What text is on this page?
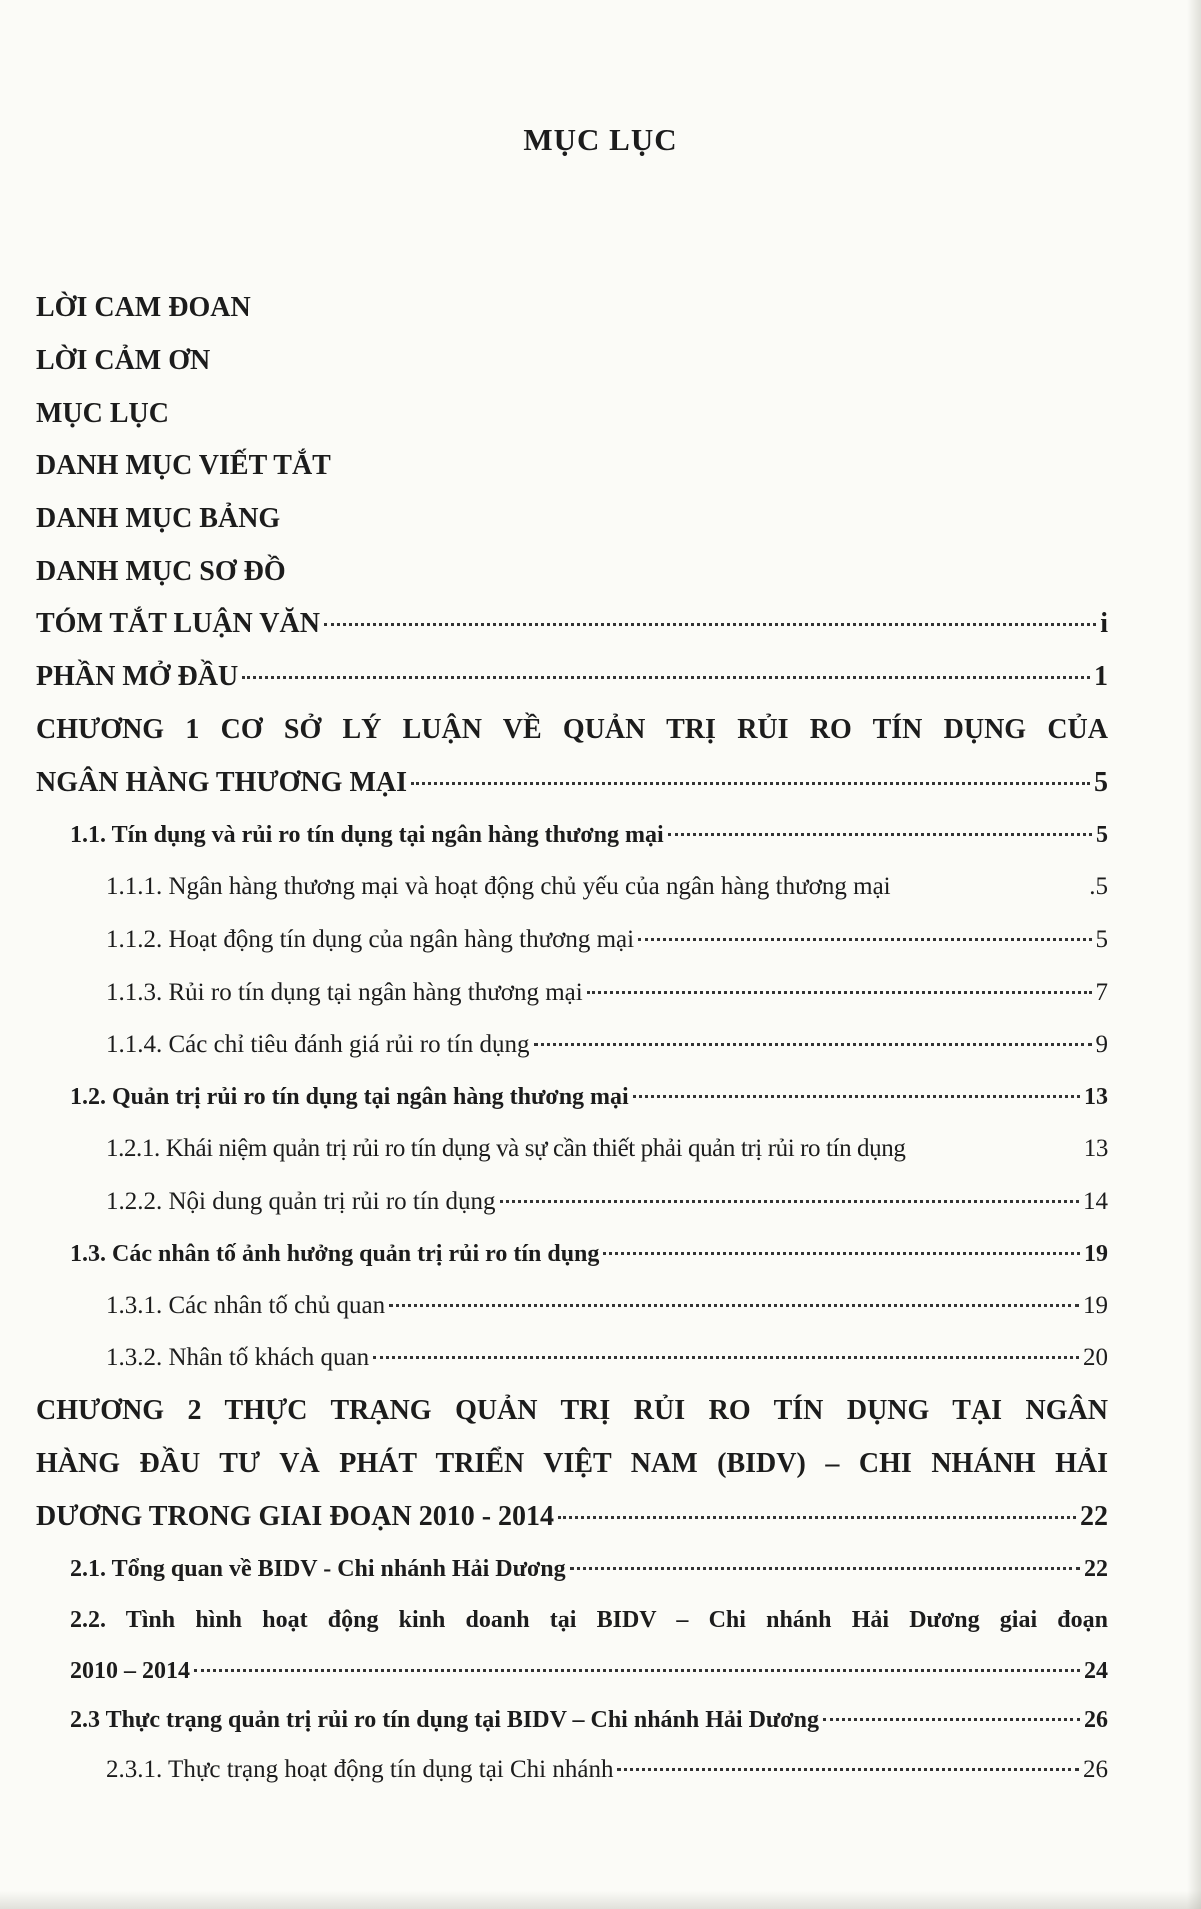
MỤC LỤC
LỜI CAM ĐOAN
LỜI CẢM ƠN
MỤC LỤC
DANH MỤC VIẾT TẮT
DANH MỤC BẢNG
DANH MỤC SƠ ĐỒ
TÓM TẮT LUẬN VĂN	i
PHẦN MỞ ĐẦU	1
CHƯƠNG 1 CƠ SỞ LÝ LUẬN VỀ QUẢN TRỊ RỦI RO TÍN DỤNG CỦA
NGÂN HÀNG THƯƠNG MẠI	5
1.1. Tín dụng và rủi ro tín dụng tại ngân hàng thương mại	5
1.1.1. Ngân hàng thương mại và hoạt động chủ yếu của ngân hàng thương mại	.5
1.1.2. Hoạt động tín dụng của ngân hàng thương mại	5
1.1.3. Rủi ro tín dụng tại ngân hàng thương mại	7
1.1.4. Các chỉ tiêu đánh giá rủi ro tín dụng	9
1.2. Quản trị rủi ro tín dụng tại ngân hàng thương mại	13
1.2.1. Khái niệm quản trị rủi ro tín dụng và sự cần thiết phải quản trị rủi ro tín dụng	13
1.2.2. Nội dung quản trị rủi ro tín dụng	14
1.3. Các nhân tố ảnh hưởng quản trị rủi ro tín dụng	19
1.3.1. Các nhân tố chủ quan	19
1.3.2. Nhân tố khách quan	20
CHƯƠNG 2 THỰC TRẠNG QUẢN TRỊ RỦI RO TÍN DỤNG TẠI NGÂN
HÀNG ĐẦU TƯ VÀ PHÁT TRIỂN VIỆT NAM (BIDV) – CHI NHÁNH HẢI
DƯƠNG TRONG GIAI ĐOẠN 2010 - 2014	22
2.1. Tổng quan về BIDV - Chi nhánh Hải Dương	22
2.2. Tình hình hoạt động kinh doanh tại BIDV – Chi nhánh Hải Dương giai đoạn
2010 – 2014	24
2.3 Thực trạng quản trị rủi ro tín dụng tại BIDV – Chi nhánh Hải Dương	26
2.3.1. Thực trạng hoạt động tín dụng tại Chi nhánh	26
